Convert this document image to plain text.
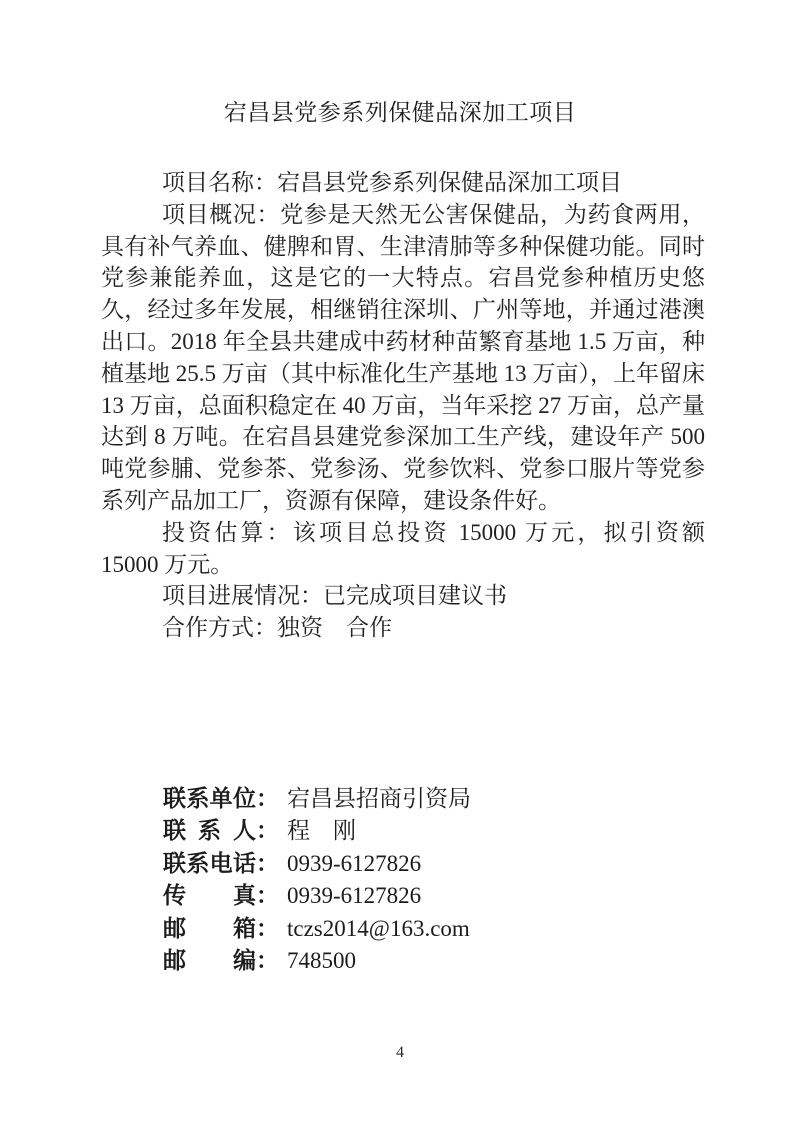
宕昌县党参系列保健品深加工项目

项目名称：宕昌县党参系列保健品深加工项目

项目概况：党参是天然无公害保健品，为药食两用，具有补气养血、健脾和胃、生津清肺等多种保健功能。同时党参兼能养血，这是它的一大特点。宕昌党参种植历史悠久，经过多年发展，相继销往深圳、广州等地，并通过港澳出口。2018 年全县共建成中药材种苗繁育基地 1.5 万亩，种植基地 25.5 万亩（其中标准化生产基地 13 万亩），上年留床 13 万亩，总面积稳定在 40 万亩，当年采挖 27 万亩，总产量达到 8 万吨。在宕昌县建党参深加工生产线，建设年产 500 吨党参脯、党参茶、党参汤、党参饮料、党参口服片等党参系列产品加工厂，资源有保障，建设条件好。

投资估算：该项目总投资 15000 万元，拟引资额 15000 万元。

项目进展情况：已完成项目建议书

合作方式：独资　合作

联系单位： 宕昌县招商引资局
联系人： 程　刚
联系电话： 0939-6127826
传真： 0939-6127826
邮箱： tczs2014@163.com
邮编： 748500
4
